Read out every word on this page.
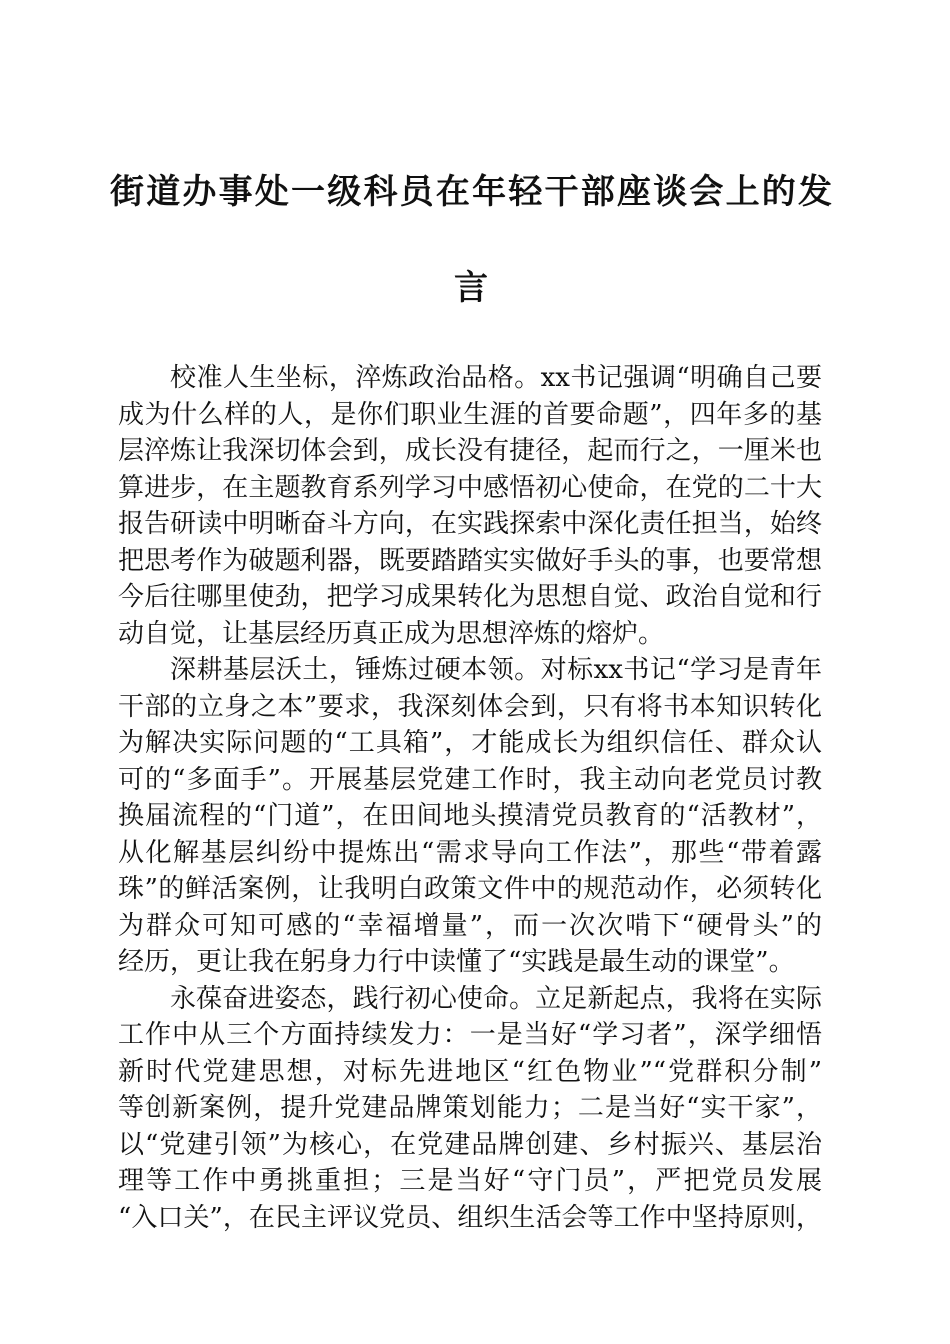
街道办事处一级科员在年轻干部座谈会上的发
言
校准人生坐标，淬炼政治品格。xx书记强调“明确自己要
成为什么样的人，是你们职业生涯的首要命题”，四年多的基
层淬炼让我深切体会到，成长没有捷径，起而行之，一厘米也
算进步，在主题教育系列学习中感悟初心使命，在党的二十大
报告研读中明晰奋斗方向，在实践探索中深化责任担当，始终
把思考作为破题利器，既要踏踏实实做好手头的事，也要常想
今后往哪里使劲，把学习成果转化为思想自觉、政治自觉和行
动自觉，让基层经历真正成为思想淬炼的熔炉。
深耕基层沃土，锤炼过硬本领。对标xx书记“学习是青年
干部的立身之本”要求，我深刻体会到，只有将书本知识转化
为解决实际问题的“工具箱”，才能成长为组织信任、群众认
可的“多面手”。开展基层党建工作时，我主动向老党员讨教
换届流程的“门道”，在田间地头摸清党员教育的“活教材”，
从化解基层纠纷中提炼出“需求导向工作法”，那些“带着露
珠”的鲜活案例，让我明白政策文件中的规范动作，必须转化
为群众可知可感的“幸福增量”，而一次次啃下“硬骨头”的
经历，更让我在躬身力行中读懂了“实践是最生动的课堂”。
永葆奋进姿态，践行初心使命。立足新起点，我将在实际
工作中从三个方面持续发力：一是当好“学习者”，深学细悟
新时代党建思想，对标先进地区“红色物业”“党群积分制”
等创新案例，提升党建品牌策划能力；二是当好“实干家”，
以“党建引领”为核心，在党建品牌创建、乡村振兴、基层治
理等工作中勇挑重担；三是当好“守门员”，严把党员发展
“入口关”，在民主评议党员、组织生活会等工作中坚持原则，
